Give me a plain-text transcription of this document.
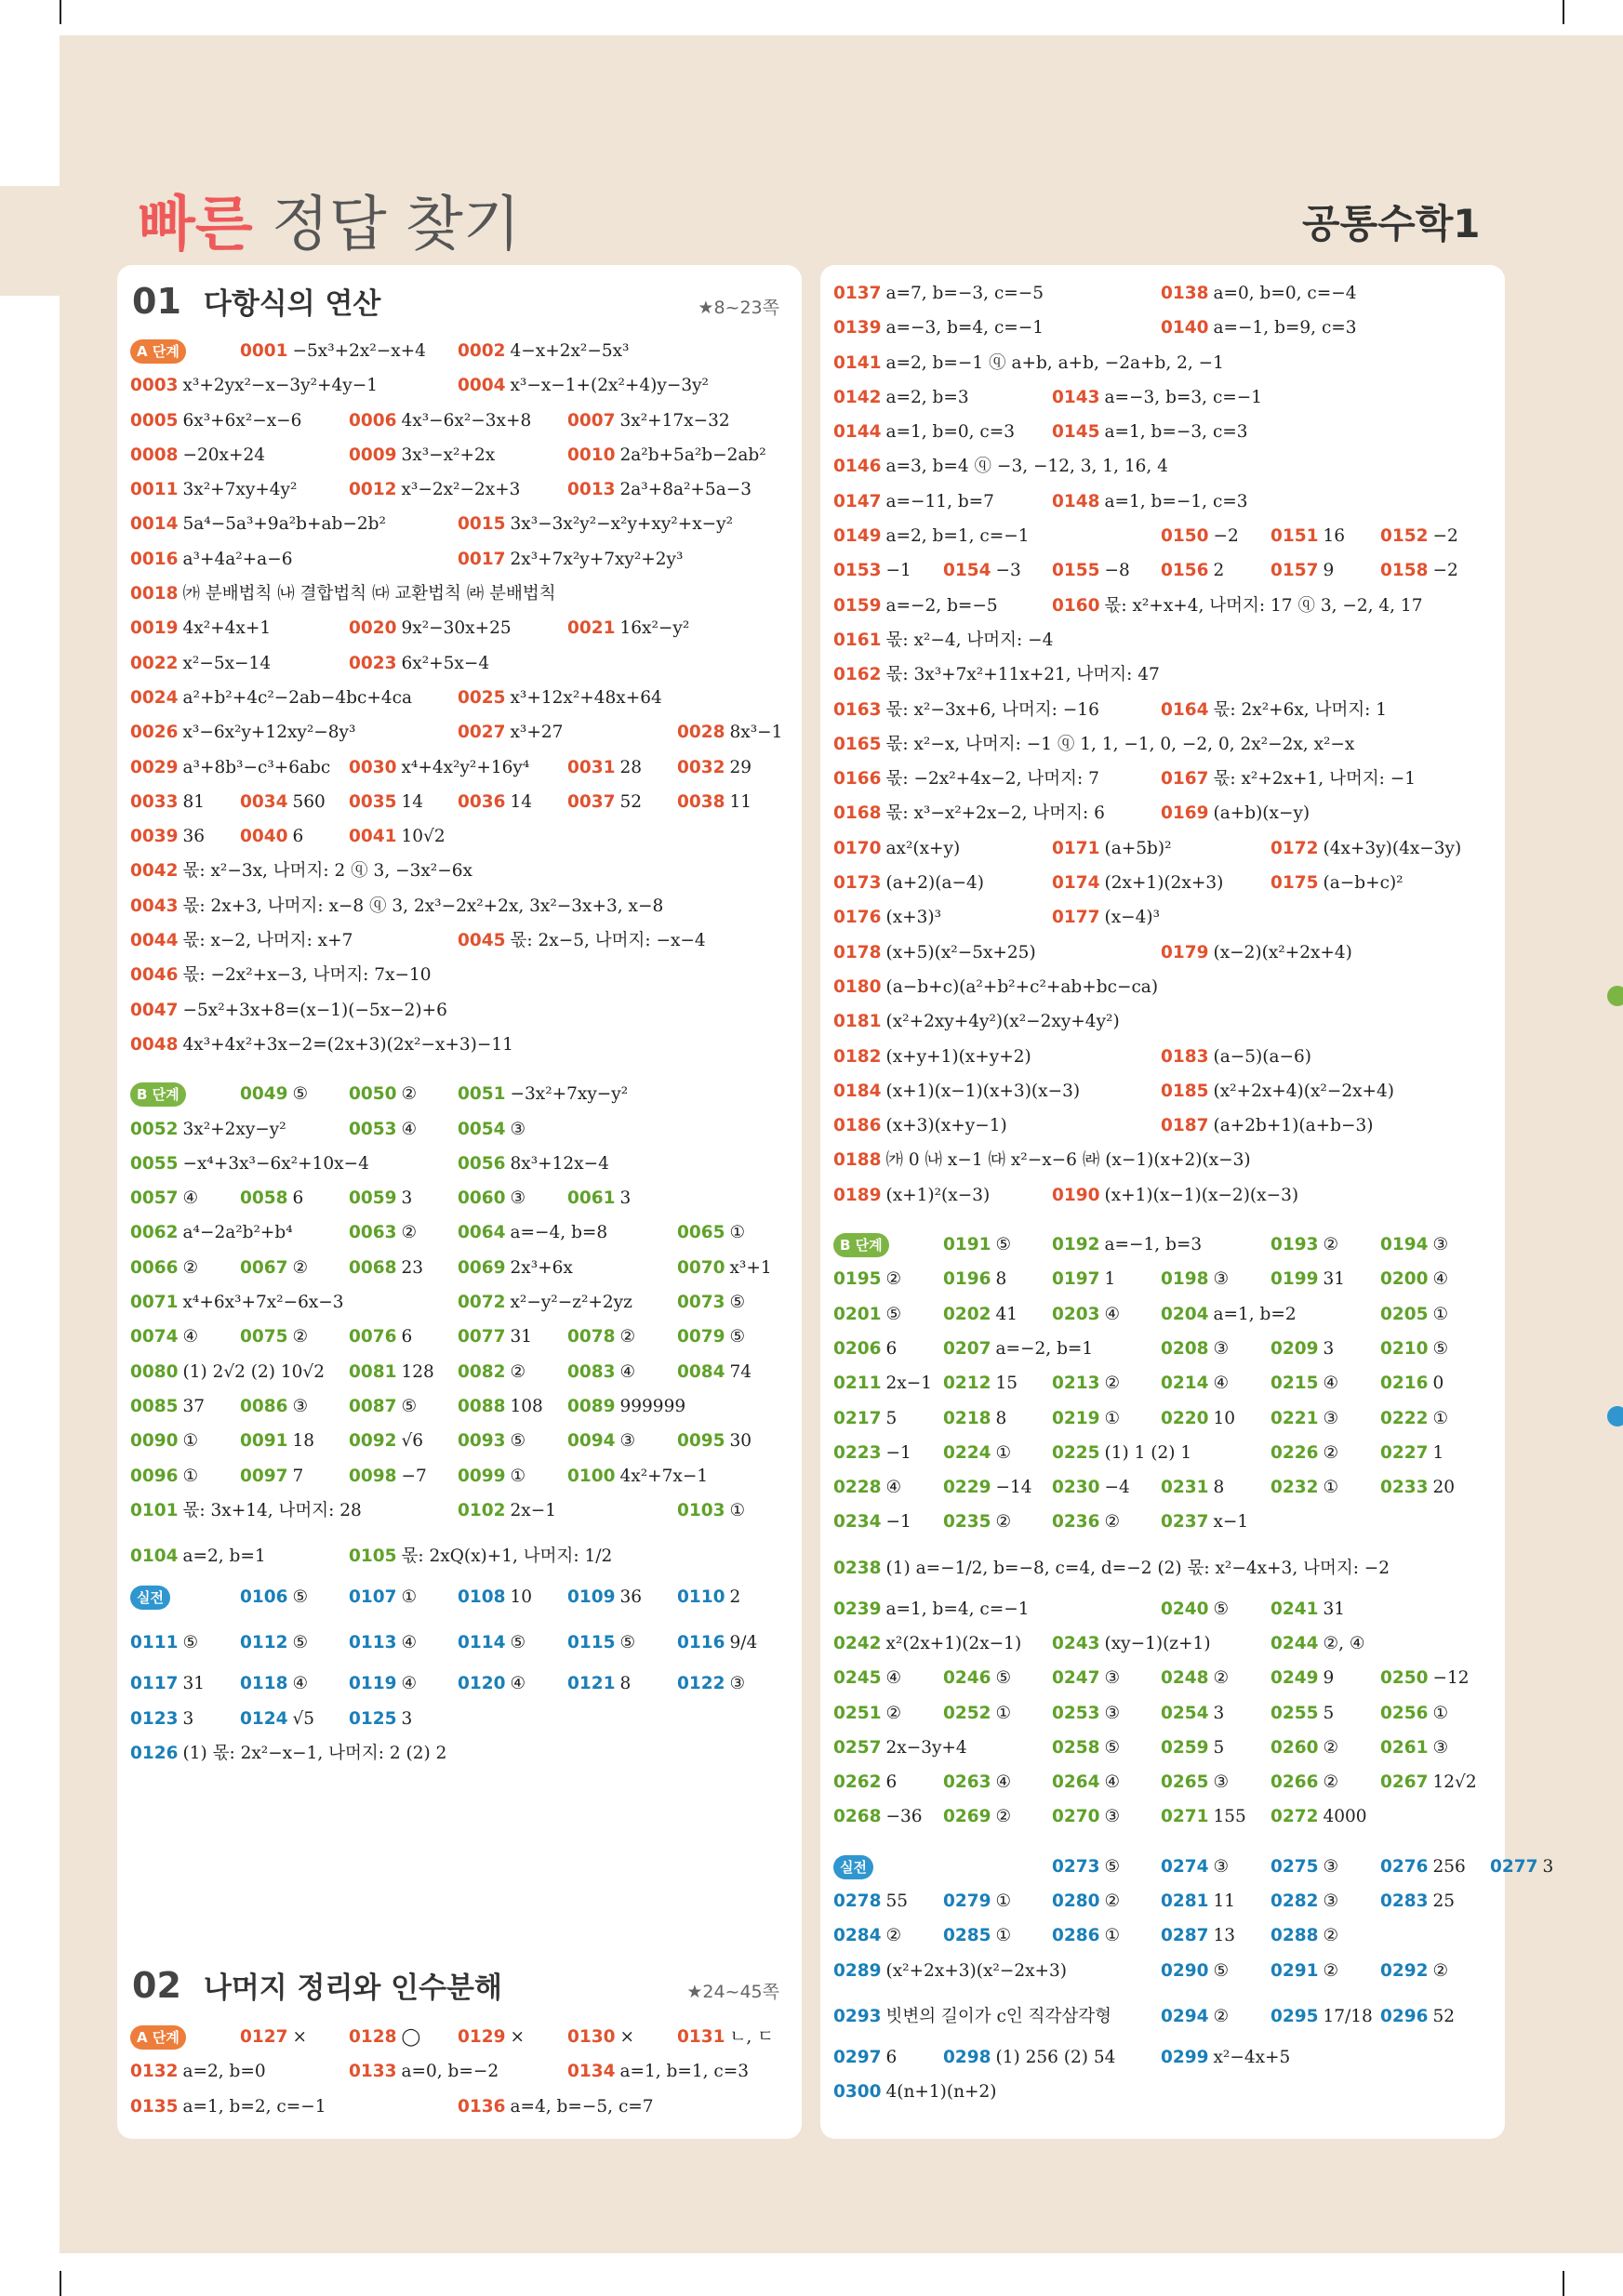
빠른 정답 찾기	공통수학1
01 다항식의 연산	★8~23쪽
A 단계	0001 −5x³+2x²−x+4 0002 4−x+2x²−5x³
0003 x³+2yx²−x−3y²+4y−1	0004 x³−x−1+(2x²+4)y−3y²
0005 6x³+6x²−x−6	0006 4x³−6x²−3x+8 0007 3x²+17x−32
0008 −20x+24	0009 3x³−x²+2x	0010 2a²b+5a²b−2ab²
0011 3x²+7xy+4y²	0012 x³−2x²−2x+3	0013 2a³+8a²+5a−3
0014 5a⁴−5a³+9a²b+ab−2b²	0015 3x³−3x²y²−x²y+xy²+x−y²
0016 a³+4a²+a−6	0017 2x³+7x²y+7xy²+2y³
0018 ㈎ 분배법칙 ㈏ 결합법칙 ㈐ 교환법칙 ㈑ 분배법칙
0019 4x²+4x+1	0020 9x²−30x+25	0021 16x²−y²
0022 x²−5x−14	0023 6x²+5x−4
0024 a²+b²+4c²−2ab−4bc+4ca	0025 x³+12x²+48x+64
0026 x³−6x²y+12xy²−8y³	0027 x³+27	0028 8x³−1
0029 a³+8b³−c³+6abc 0030 x⁴+4x²y²+16y⁴ 0031 28 0032 29
0033 81 0034 560 0035 14 0036 14 0037 52 0038 11
0039 36 0040 6	0041 10√2
0042 몫: x²−3x, 나머지: 2 ⓠ 3, −3x²−6x
0043 몫: 2x+3, 나머지: x−8 ⓠ 3, 2x³−2x²+2x, 3x²−3x+3, x−8
0044 몫: x−2, 나머지: x+7	0045 몫: 2x−5, 나머지: −x−4
0046 몫: −2x²+x−3, 나머지: 7x−10
0047 −5x²+3x+8=(x−1)(−5x−2)+6
0048 4x³+4x²+3x−2=(2x+3)(2x²−x+3)−11
B 단계	0049 ⑤ 0050 ② 0051 −3x²+7xy−y²
0052 3x²+2xy−y²	0053 ④ 0054 ③
0055 −x⁴+3x³−6x²+10x−4	0056 8x³+12x−4
0057 ④ 0058 6	0059 3	0060 ③ 0061 3
0062 a⁴−2a²b²+b⁴	0063 ② 0064 a=−4, b=8	0065 ①
0066 ② 0067 ② 0068 23 0069 2x³+6x	0070 x³+1
0071 x⁴+6x³+7x²−6x−3	0072 x²−y²−z²+2yz	0073 ⑤
0074 ④ 0075 ② 0076 6	0077 31 0078 ② 0079 ⑤
0080 (1) 2√2 (2) 10√2 0081 128 0082 ② 0083 ④ 0084 74
0085 37 0086 ③ 0087 ⑤ 0088 108 0089 999999
0090 ① 0091 18 0092 √6 0093 ⑤ 0094 ③ 0095 30
0096 ① 0097 7	0098 −7 0099 ① 0100 4x²+7x−1
0101 몫: 3x+14, 나머지: 28	0102 2x−1	0103 ①
0104 a=2, b=1	0105 몫: 2xQ(x)+1, 나머지: 1/2
실전	0106 ⑤ 0107 ① 0108 10 0109 36 0110 2
0111 ⑤ 0112 ⑤ 0113 ④ 0114 ⑤ 0115 ⑤ 0116 9/4
0117 31 0118 ④ 0119 ④ 0120 ④ 0121 8	0122 ③
0123 3	0124 √5 0125 3
0126 (1) 몫: 2x²−x−1, 나머지: 2 (2) 2
02 나머지 정리와 인수분해	★24~45쪽
A 단계	0127 × 0128 ◯ 0129 × 0130 × 0131 ㄴ, ㄷ
0132 a=2, b=0	0133 a=0, b=−2	0134 a=1, b=1, c=3
0135 a=1, b=2, c=−1	0136 a=4, b=−5, c=7
0137 a=7, b=−3, c=−5	0138 a=0, b=0, c=−4
0139 a=−3, b=4, c=−1	0140 a=−1, b=9, c=3
0141 a=2, b=−1 ⓠ a+b, a+b, −2a+b, 2, −1
0142 a=2, b=3	0143 a=−3, b=3, c=−1
0144 a=1, b=0, c=3 0145 a=1, b=−3, c=3
0146 a=3, b=4 ⓠ −3, −12, 3, 1, 16, 4
0147 a=−11, b=7	0148 a=1, b=−1, c=3
0149 a=2, b=1, c=−1	0150 −2 0151 16 0152 −2
0153 −1 0154 −3 0155 −8 0156 2	0157 9	0158 −2
0159 a=−2, b=−5	0160 몫: x²+x+4, 나머지: 17 ⓠ 3, −2, 4, 17
0161 몫: x²−4, 나머지: −4
0162 몫: 3x³+7x²+11x+21, 나머지: 47
0163 몫: x²−3x+6, 나머지: −16	0164 몫: 2x²+6x, 나머지: 1
0165 몫: x²−x, 나머지: −1 ⓠ 1, 1, −1, 0, −2, 0, 2x²−2x, x²−x
0166 몫: −2x²+4x−2, 나머지: 7	0167 몫: x²+2x+1, 나머지: −1
0168 몫: x³−x²+2x−2, 나머지: 6	0169 (a+b)(x−y)
0170 ax²(x+y)	0171 (a+5b)²	0172 (4x+3y)(4x−3y)
0173 (a+2)(a−4)	0174 (2x+1)(2x+3)	0175 (a−b+c)²
0176 (x+3)³	0177 (x−4)³
0178 (x+5)(x²−5x+25)	0179 (x−2)(x²+2x+4)
0180 (a−b+c)(a²+b²+c²+ab+bc−ca)
0181 (x²+2xy+4y²)(x²−2xy+4y²)
0182 (x+y+1)(x+y+2)	0183 (a−5)(a−6)
0184 (x+1)(x−1)(x+3)(x−3)	0185 (x²+2x+4)(x²−2x+4)
0186 (x+3)(x+y−1)	0187 (a+2b+1)(a+b−3)
0188 ㈎ 0 ㈏ x−1 ㈐ x²−x−6 ㈑ (x−1)(x+2)(x−3)
0189 (x+1)²(x−3)	0190 (x+1)(x−1)(x−2)(x−3)
B 단계	0191 ⑤ 0192 a=−1, b=3	0193 ② 0194 ③
0195 ② 0196 8	0197 1	0198 ③ 0199 31 0200 ④
0201 ⑤ 0202 41 0203 ④ 0204 a=1, b=2	0205 ①
0206 6	0207 a=−2, b=1	0208 ③ 0209 3	0210 ⑤
0211 2x−1 0212 15 0213 ② 0214 ④ 0215 ④ 0216 0
0217 5	0218 8	0219 ① 0220 10 0221 ③ 0222 ①
0223 −1 0224 ① 0225 (1) 1 (2) 1	0226 ② 0227 1
0228 ④ 0229 −14 0230 −4 0231 8	0232 ① 0233 20
0234 −1 0235 ② 0236 ② 0237 x−1
0238 (1) a=−1/2, b=−8, c=4, d=−2 (2) 몫: x²−4x+3, 나머지: −2
0239 a=1, b=4, c=−1	0240 ⑤ 0241 31
0242 x²(2x+1)(2x−1) 0243 (xy−1)(z+1)	0244 ②, ④
0245 ④ 0246 ⑤ 0247 ③ 0248 ② 0249 9	0250 −12
0251 ② 0252 ① 0253 ③ 0254 3	0255 5	0256 ①
0257 2x−3y+4	0258 ⑤ 0259 5	0260 ② 0261 ③
0262 6	0263 ④ 0264 ④ 0265 ③ 0266 ② 0267 12√2
0268 −36 0269 ② 0270 ③ 0271 155 0272 4000
실전	0273 ⑤ 0274 ③ 0275 ③ 0276 256 0277 3
0278 55 0279 ① 0280 ② 0281 11 0282 ③ 0283 25
0284 ② 0285 ① 0286 ① 0287 13 0288 ②
0289 (x²+2x+3)(x²−2x+3)	0290 ⑤ 0291 ② 0292 ②
0293 빗변의 길이가 c인 직각삼각형	0294 ② 0295 17/18 0296 52
0297 6	0298 (1) 256 (2) 54	0299 x²−4x+5
0300 4(n+1)(n+2)
